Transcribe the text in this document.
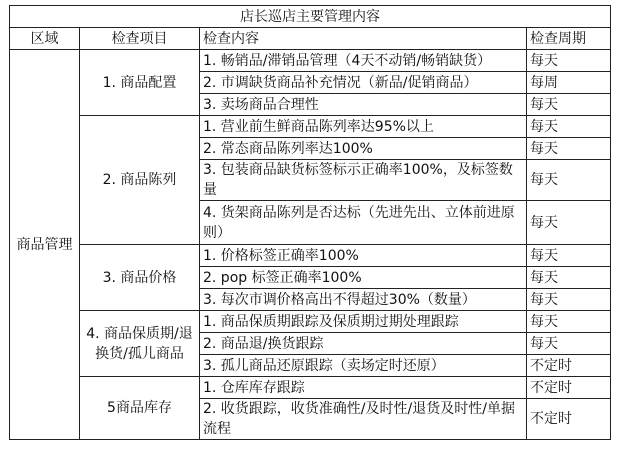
店长巡店主要管理内容			
区域	检查项目	检查内容	检查周期
商品管理	1. 商品配置	1. 畅销品/滞销品管理（4天不动销/畅销缺货）	每天
		2. 市调缺货商品补充情况（新品/促销商品）	每周
		3. 卖场商品合理性	每天
	2. 商品陈列	1. 营业前生鲜商品陈列率达95%以上	每天
		2. 常态商品陈列率达100%	每天
		3. 包装商品缺货标签标示正确率100%，及标签数量	每天
		4. 货架商品陈列是否达标（先进先出、立体前进原则）	每天
	3. 商品价格	1. 价格标签正确率100%	每天
		2. pop 标签正确率100%	每天
		3. 每次市调价格高出不得超过30%（数量）	每天
	4. 商品保质期/退换货/孤儿商品	1. 商品保质期跟踪及保质期过期处理跟踪	每天
		2. 商品退/换货跟踪	每天
		3. 孤儿商品还原跟踪（卖场定时还原）	不定时
	5商品库存	1. 仓库库存跟踪	不定时
		2. 收货跟踪，收货准确性/及时性/退货及时性/单据流程	不定时
